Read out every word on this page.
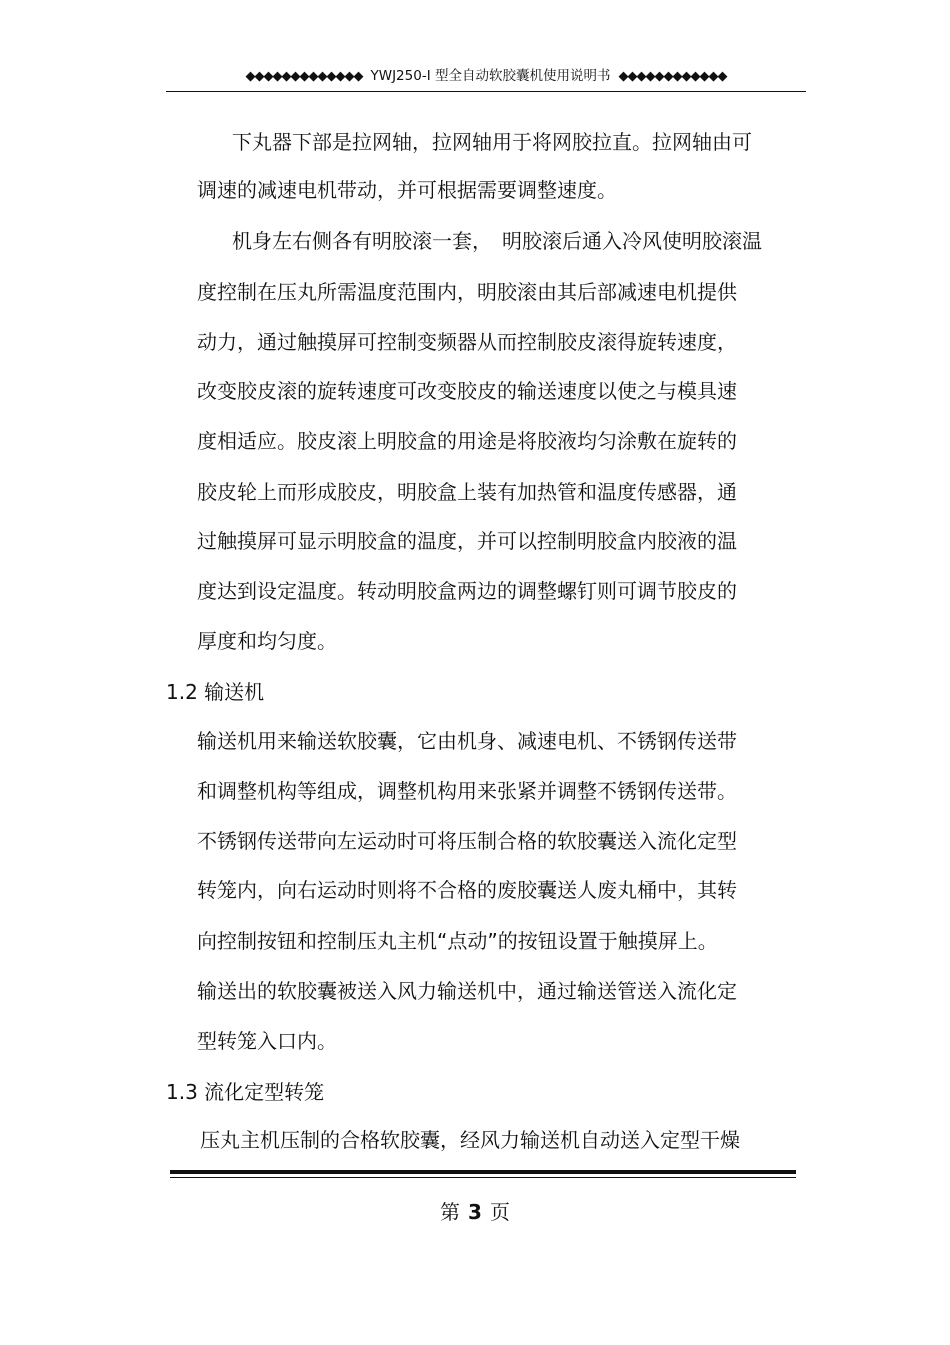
◆◆◆◆◆◆◆◆◆◆◆◆◆ YWJ250-Ⅰ 型全自动软胶囊机使用说明书 ◆◆◆◆◆◆◆◆◆◆◆◆
下丸器下部是拉网轴，拉网轴用于将网胶拉直。拉网轴由可
调速的减速电机带动，并可根据需要调整速度。
机身左右侧各有明胶滚一套，　明胶滚后通入冷风使明胶滚温
度控制在压丸所需温度范围内，明胶滚由其后部减速电机提供
动力，通过触摸屏可控制变频器从而控制胶皮滚得旋转速度，
改变胶皮滚的旋转速度可改变胶皮的输送速度以使之与模具速
度相适应。胶皮滚上明胶盒的用途是将胶液均匀涂敷在旋转的
胶皮轮上而形成胶皮，明胶盒上装有加热管和温度传感器，通
过触摸屏可显示明胶盒的温度，并可以控制明胶盒内胶液的温
度达到设定温度。转动明胶盒两边的调整螺钉则可调节胶皮的
厚度和均匀度。
1.2 输送机
输送机用来输送软胶囊，它由机身、减速电机、不锈钢传送带
和调整机构等组成，调整机构用来张紧并调整不锈钢传送带。
不锈钢传送带向左运动时可将压制合格的软胶囊送入流化定型
转笼内，向右运动时则将不合格的废胶囊送人废丸桶中，其转
向控制按钮和控制压丸主机“点动”的按钮设置于触摸屏上。
输送出的软胶囊被送入风力输送机中，通过输送管送入流化定
型转笼入口内。
1.3 流化定型转笼
压丸主机压制的合格软胶囊，经风力输送机自动送入定型干燥
第 3 页
